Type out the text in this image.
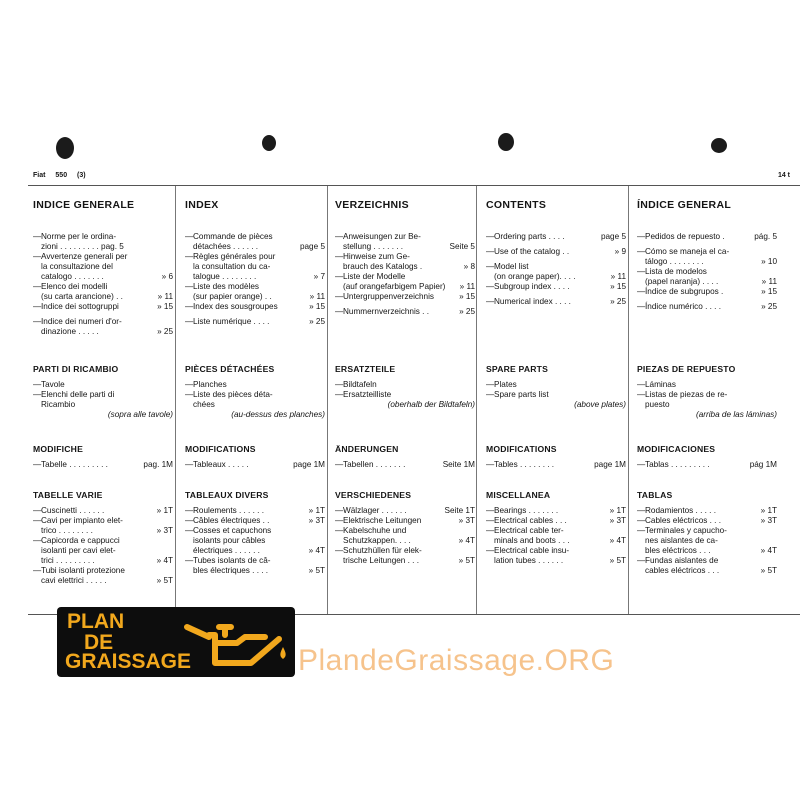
Fiat 550 (3)	14 t
INDICE GENERALE
— Norme per le ordina-
zioni . . . . . . . . . pag. 5
— Avvertenze generali per
la consultazione del
catalogo . . . . . . .	» 6
— Elenco dei modelli
(su carta arancione) . .	» 11
— Indice dei sottogruppi	» 15
— Indice dei numeri d'or-
dinazione . . . . .	» 25
PARTI DI RICAMBIO
— Tavole
— Elenchi delle parti di
Ricambio
(sopra alle tavole)
MODIFICHE
— Tabelle . . . . . . . . .	pag. 1M
TABELLE VARIE
— Cuscinetti . . . . . .	» 1T
— Cavi per impianto elet-
trico . . . . . . . .	» 3T
— Capicorda e cappucci
isolanti per cavi elet-
trici . . . . . . . . .	» 4T
— Tubi isolanti protezione
cavi elettrici . . . . .	» 5T
INDEX
— Commande de pièces
détachées . . . . . .	page 5
— Règles générales pour
la consultation du ca-
talogue . . . . . . . .	» 7
— Liste des modèles
(sur papier orange) . .	» 11
— Index des sousgroupes	» 15
— Liste numérique . . . .	» 25
PIÈCES DÉTACHÉES
— Planches
— Liste des pièces déta-
chées
(au-dessus des planches)
MODIFICATIONS
— Tableaux . . . . .	page 1M
TABLEAUX DIVERS
— Roulements . . . . . .	» 1T
— Câbles électriques . .	» 3T
— Cosses et capuchons
isolants pour câbles
électriques . . . . . .	» 4T
— Tubes isolants de câ-
bles électriques . . . .	» 5T
VERZEICHNIS
— Anweisungen zur Be-
stellung . . . . . . .	Seite 5
— Hinweise zum Ge-
brauch des Katalogs .	» 8
— Liste der Modelle
(auf orangefarbigem Papier) » 11
— Untergruppenverzeichnis	» 15
— Nummernverzeichnis . .	» 25
ERSATZTEILE
— Bildtafeln
— Ersatzteilliste
(oberhalb der Bildtafeln)
ÄNDERUNGEN
— Tabellen . . . . . . .	Seite 1M
VERSCHIEDENES
— Wälzlager . . . . . .	Seite 1T
— Elektrische Leitungen	» 3T
— Kabelschuhe und
Schutzkappen. . . .	» 4T
— Schutzhüllen für elek-
trische Leitungen . . .	» 5T
CONTENTS
— Ordering parts . . . .	page 5
— Use of the catalog . .	» 9
— Model list
(on orange paper). . . .	» 11
— Subgroup index . . . .	» 15
— Numerical index . . . .	» 25
SPARE PARTS
— Plates
— Spare parts list
(above plates)
MODIFICATIONS
— Tables . . . . . . . .	page 1M
MISCELLANEA
— Bearings . . . . . . .	» 1T
— Electrical cables . . .	» 3T
— Electrical cable ter-
minals and boots . . .	» 4T
— Electrical cable insu-
lation tubes . . . . . .	» 5T
ÍNDICE GENERAL
— Pedidos de repuesto .	pág. 5
— Cómo se maneja el ca-
tálogo . . . . . . . .	» 10
— Lista de modelos
(papel naranja) . . . .	» 11
— Índice de subgrupos .	» 15
— Índice numérico . . . .	» 25
PIEZAS DE REPUESTO
— Láminas
— Listas de piezas de re-
puesto
(arriba de las láminas)
MODIFICACIONES
— Tablas . . . . . . . . .	pág 1M
TABLAS
— Rodamientos . . . . .	» 1T
— Cables eléctricos . . .	» 3T
— Terminales y capucho-
nes aislantes de ca-
bles eléctricos . . .	» 4T
— Fundas aislantes de
cables eléctricos . . .	» 5T
PLAN
DE
GRAISSAGE	PlandeGraissage.ORG
